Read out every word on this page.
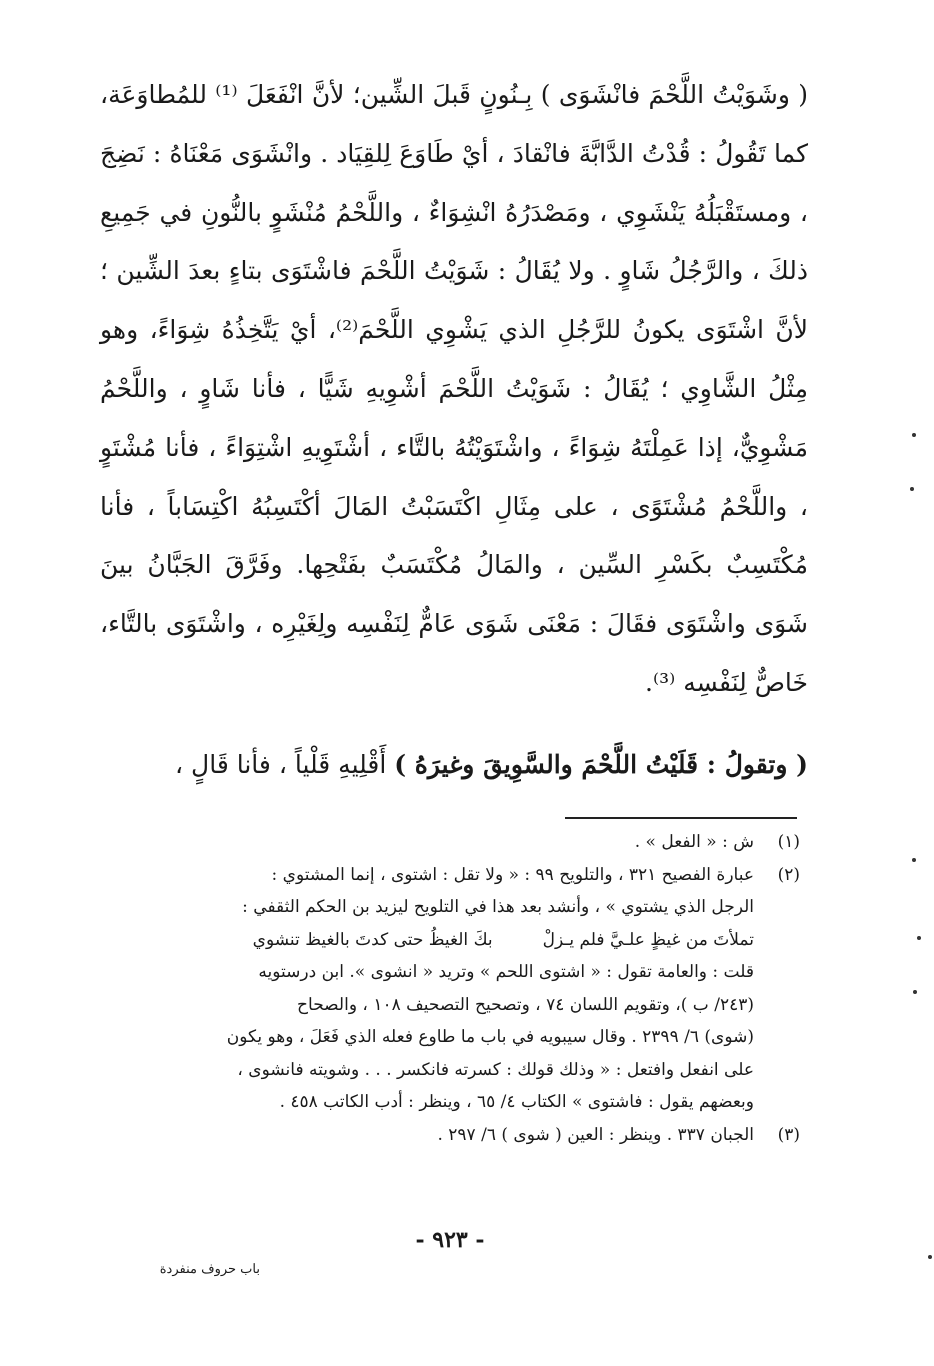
( وشَوَيْتُ اللَّحْمَ فانْشَوَى ) بِـنُونٍ قَبلَ الشِّين؛ لأنَّ انْفَعَلَ ⁽¹⁾ للمُطاوَعَة، كما تَقُولُ : قُدْتُ الدَّابَّةَ فانْقادَ ، أيْ طَاوَعَ لِلقِيَاد . وانْشَوَى مَعْنَاهُ : نَضِجَ ، ومستَقْبَلُهُ يَنْشَوِي ، ومَصْدَرُهُ انْشِوَاءٌ ، واللَّحْمُ مُنْشَوٍ بالنُّونِ في جَمِيعِ ذلكَ ، والرَّجُلُ شَاوٍ . ولا يُقَالُ : شَوَيْتُ اللَّحْمَ فاشْتَوَى بتاءٍ بعدَ الشِّين ؛ لأنَّ اشْتَوَى يكونُ للرَّجُلِ الذي يَشْوِي اللَّحْمَ⁽²⁾، أيْ يَتَّخِذُهُ شِوَاءً، وهو مِثْلُ الشَّاوِي ؛ يُقَالُ : شَوَيْتُ اللَّحْمَ أشْوِيهِ شَيًّا ، فأنا شَاوٍ ، واللَّحْمُ مَشْوِيٌّ، إذا عَمِلْتَهُ شِوَاءً ، واشْتَوَيْتُهُ بالتَّاء ، أشْتَوِيهِ اشْتِوَاءً ، فأنا مُشْتَوٍ ، واللَّحْمُ مُشْتَوًى ، على مِثَالِ اكْتَسَبْتُ المَالَ أكْتَسِبُهُ اكْتِسَاباً ، فأنا مُكْتَسِبٌ بكَسْرِ السِّين ، والمَالُ مُكْتَسَبٌ بفَتْحِها. وفَرَّقَ الجَبَّانُ بينَ شَوَى واشْتَوَى فقَالَ : مَعْنَى شَوَى عَامٌّ لِنَفْسِه ولِغَيْرِه ، واشْتَوَى بالتَّاء، خَاصٌّ لِنَفْسِه ⁽³⁾.

( وتقولُ : قَلَيْتُ اللَّحْمَ والسَّوِيقَ وغيرَهُ ) أَقْلِيهِ قَلْياً ، فأنا قَالٍ ،
(١)
ش : « الفعل » .
(٢)
عبارة الفصيح ٣٢١ ، والتلويح ٩٩ : « ولا تقل : اشتوى ، إنما المشتوي :
الرجل الذي يشتوي » ، وأنشد بعد هذا في التلويح ليزيد بن الحكم الثقفي :
تملأتَ من غيظٍ علـيَّ فلم يـزلْ
بكَ الغيظُ حتى كدتَ بالغيظ تنشوي
قلت : والعامة تقول : « اشتوى اللحم » وتريد « انشوى ». ابن درستويه
(٢٤٣/ ب )، وتقويم اللسان ٧٤ ، وتصحيح التصحيف ١٠٨ ، والصحاح
(شوى) ٦/ ٢٣٩٩ . وقال سيبويه في باب ما طاوع فعله الذي فَعَلَ ، وهو يكون
على انفعل وافتعل : « وذلك قولك : كسرته فانكسر . . . وشويته فانشوى ،
وبعضهم يقول : فاشتوى » الكتاب ٤/ ٦٥ ، وينظر : أدب الكاتب ٤٥٨ .
(٣)
الجبان ٣٣٧ . وينظر : العين ( شوى ) ٦/ ٢٩٧ .
- ٩٢٣ -
باب حروف منفردة
